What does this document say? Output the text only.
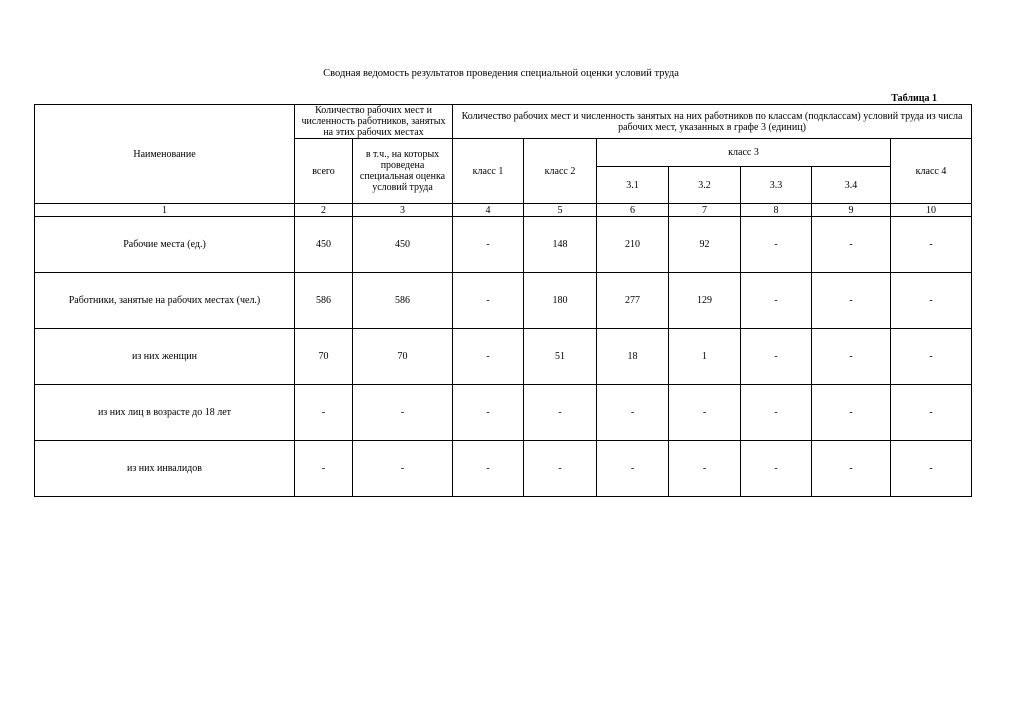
Сводная ведомость результатов проведения специальной оценки условий труда
Таблица 1
Наименование	Количество рабочих мест и численность работников, занятых на этих рабочих местах		Количество рабочих мест и численность занятых на них работников по классам (подклассам) условий труда из числа рабочих мест, указанных в графе 3 (единиц)						
	всего	в т.ч., на которых проведена специальная оценка условий труда	класс 1	класс 2	класс 3				класс 4
					3.1	3.2	3.3	3.4	
1	2	3	4	5	6	7	8	9	10
Рабочие места (ед.)	450	450	-	148	210	92	-	-	-
Работники, занятые на рабочих местах (чел.)	586	586	-	180	277	129	-	-	-
из них женщин	70	70	-	51	18	1	-	-	-
из них лиц в возрасте до 18 лет	-	-	-	-	-	-	-	-	-
из них инвалидов	-	-	-	-	-	-	-	-	-
